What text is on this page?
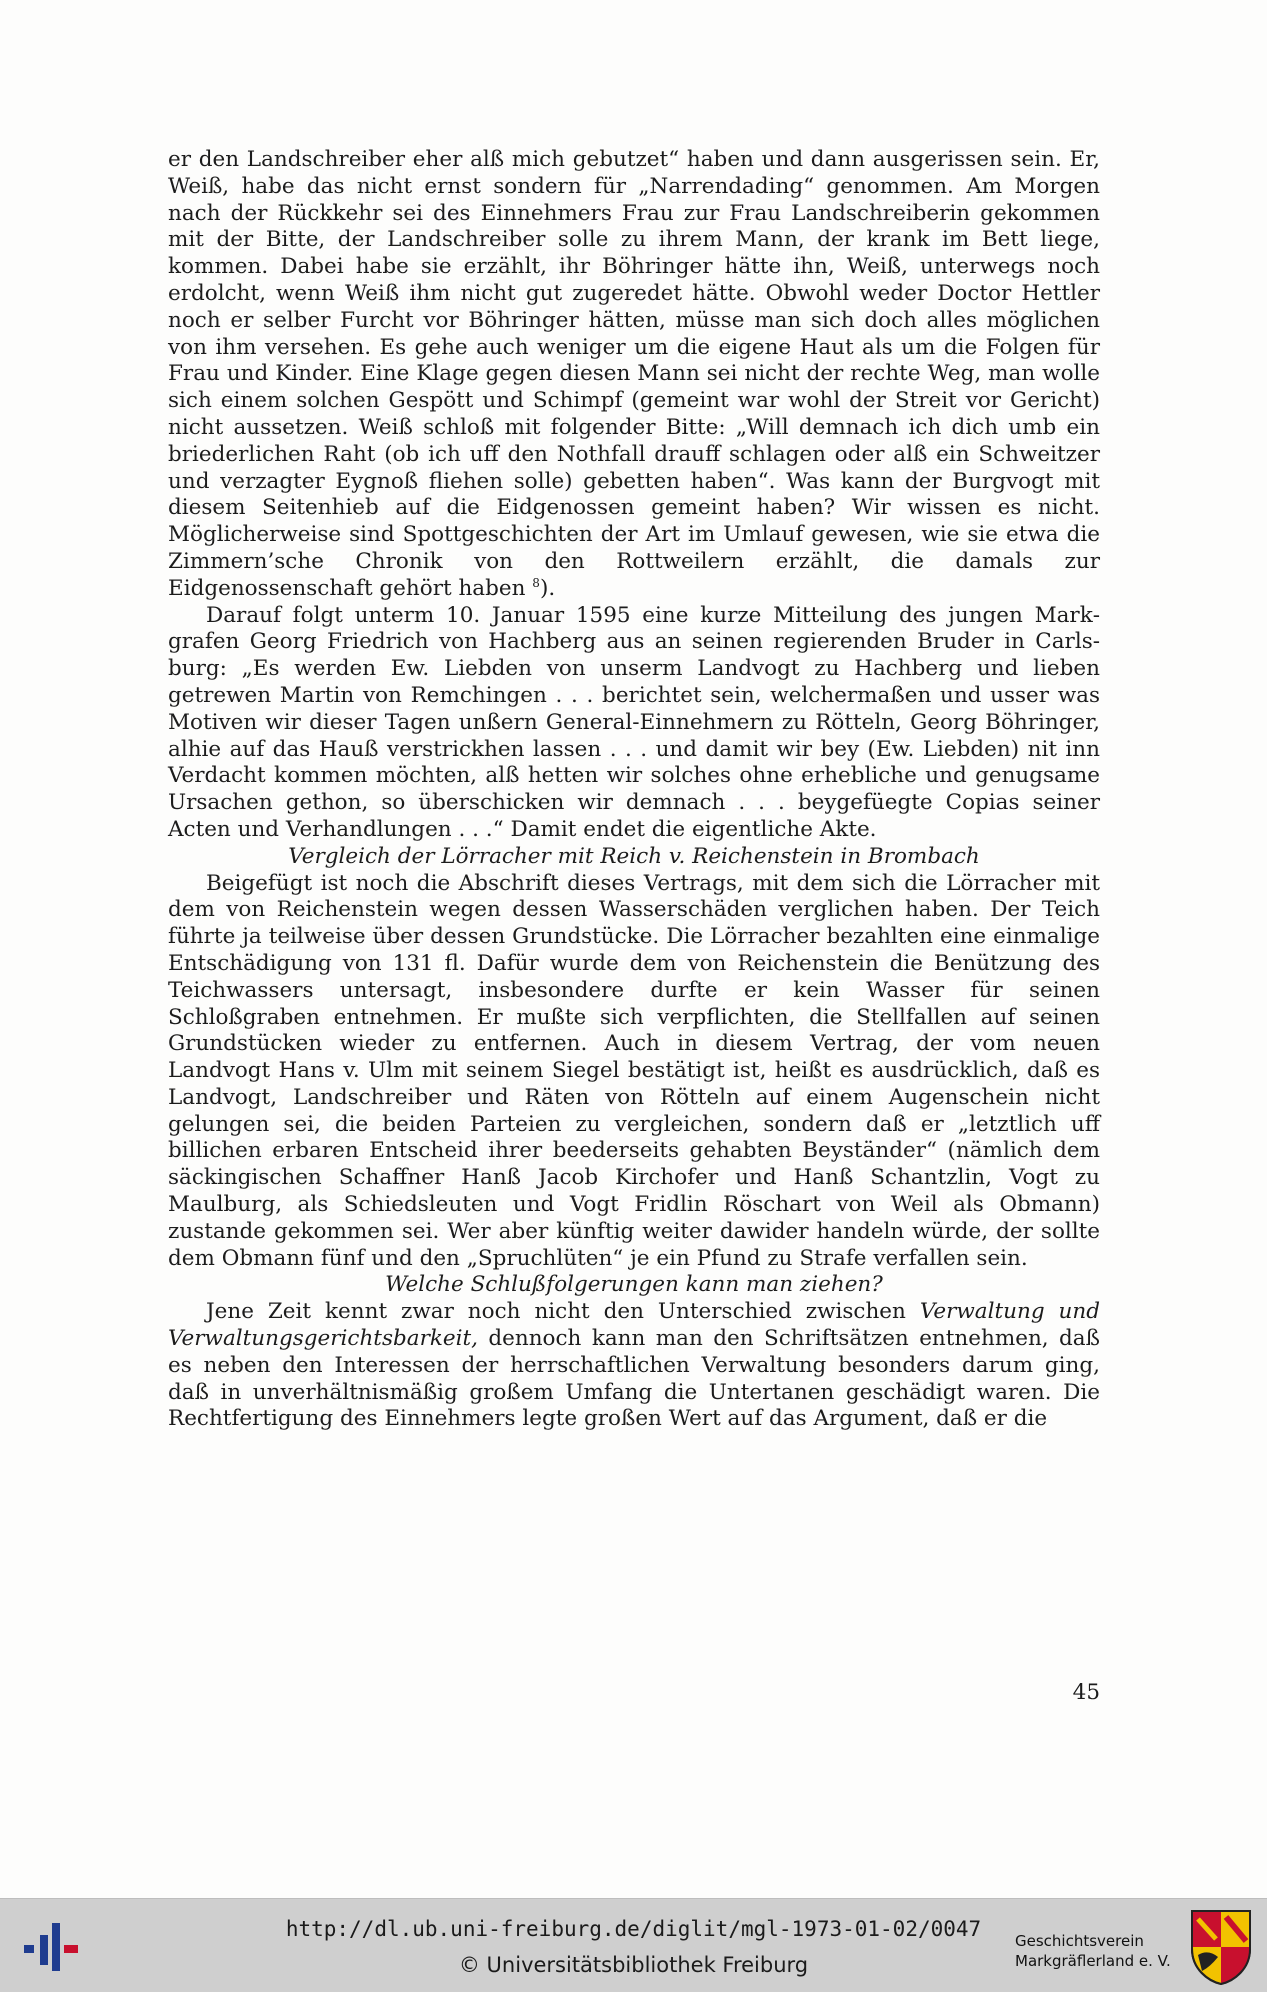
er den Landschreiber eher alß mich gebutzet“ haben und dann ausgerissen sein. Er, Weiß, habe das nicht ernst sondern für „Narrendading“ genommen. Am Morgen nach der Rückkehr sei des Einnehmers Frau zur Frau Landschreiberin gekommen mit der Bitte, der Landschreiber solle zu ihrem Mann, der krank im Bett liege, kommen. Dabei habe sie erzählt, ihr Böhringer hätte ihn, Weiß, unterwegs noch erdolcht, wenn Weiß ihm nicht gut zugeredet hätte. Obwohl weder Doctor Hettler noch er selber Furcht vor Böhringer hätten, müsse man sich doch alles möglichen von ihm versehen. Es gehe auch weniger um die eigene Haut als um die Folgen für Frau und Kinder. Eine Klage gegen diesen Mann sei nicht der rechte Weg, man wolle sich einem solchen Gespött und Schimpf (gemeint war wohl der Streit vor Gericht) nicht aussetzen. Weiß schloß mit folgender Bitte: „Will demnach ich dich umb ein briederlichen Raht (ob ich uff den Nothfall drauff schlagen oder alß ein Schweitzer und verzagter Eygnoß fliehen solle) gebetten haben“. Was kann der Burgvogt mit diesem Seitenhieb auf die Eidgenossen gemeint haben? Wir wissen es nicht. Möglicherweise sind Spottgeschichten der Art im Umlauf gewesen, wie sie etwa die Zimmern’sche Chronik von den Rottweilern erzählt, die damals zur Eidgenossenschaft gehört haben $^8$).

Darauf folgt unterm 10. Januar 1595 eine kurze Mitteilung des jungen Markgrafen Georg Friedrich von Hachberg aus an seinen regierenden Bruder in Carlsburg: „Es werden Ew. Liebden von unserm Landvogt zu Hachberg und lieben getrewen Martin von Remchingen . . . berichtet sein, welchermaßen und usser was Motiven wir dieser Tagen unßern General-Einnehmern zu Rötteln, Georg Böhringer, alhie auf das Hauß verstrickhen lassen . . . und damit wir bey (Ew. Liebden) nit inn Verdacht kommen möchten, alß hetten wir solches ohne erhebliche und genugsame Ursachen gethon, so überschicken wir demnach . . . beygefüegte Copias seiner Acten und Verhandlungen . . .“ Damit endet die eigentliche Akte.

Vergleich der Lörracher mit Reich v. Reichenstein in Brombach

Beigefügt ist noch die Abschrift dieses Vertrags, mit dem sich die Lörracher mit dem von Reichenstein wegen dessen Wasserschäden verglichen haben. Der Teich führte ja teilweise über dessen Grundstücke. Die Lörracher bezahlten eine einmalige Entschädigung von 131 fl. Dafür wurde dem von Reichenstein die Benützung des Teichwassers untersagt, insbesondere durfte er kein Wasser für seinen Schloßgraben entnehmen. Er mußte sich verpflichten, die Stellfallen auf seinen Grundstücken wieder zu entfernen. Auch in diesem Vertrag, der vom neuen Landvogt Hans v. Ulm mit seinem Siegel bestätigt ist, heißt es ausdrücklich, daß es Landvogt, Landschreiber und Räten von Rötteln auf einem Augenschein nicht gelungen sei, die beiden Parteien zu vergleichen, sondern daß er „letztlich uff billichen erbaren Entscheid ihrer beederseits gehabten Beyständer“ (nämlich dem säckingischen Schaffner Hanß Jacob Kirchofer und Hanß Schantzlin, Vogt zu Maulburg, als Schiedsleuten und Vogt Fridlin Röschart von Weil als Obmann) zustande gekommen sei. Wer aber künftig weiter dawider handeln würde, der sollte dem Obmann fünf und den „Spruchlüten“ je ein Pfund zu Strafe verfallen sein.

Welche Schlußfolgerungen kann man ziehen?

Jene Zeit kennt zwar noch nicht den Unterschied zwischen Verwaltung und Verwaltungsgerichtsbarkeit, dennoch kann man den Schriftsätzen entnehmen, daß es neben den Interessen der herrschaftlichen Verwaltung besonders darum ging, daß in unverhältnismäßig großem Umfang die Untertanen geschädigt waren. Die Rechtfertigung des Einnehmers legte großen Wert auf das Argument, daß er die

45
http://dl.ub.uni-freiburg.de/diglit/mgl-1973-01-02/0047
© Universitätsbibliothek Freiburg
Geschichtsverein
Markgräflerland e. V.
